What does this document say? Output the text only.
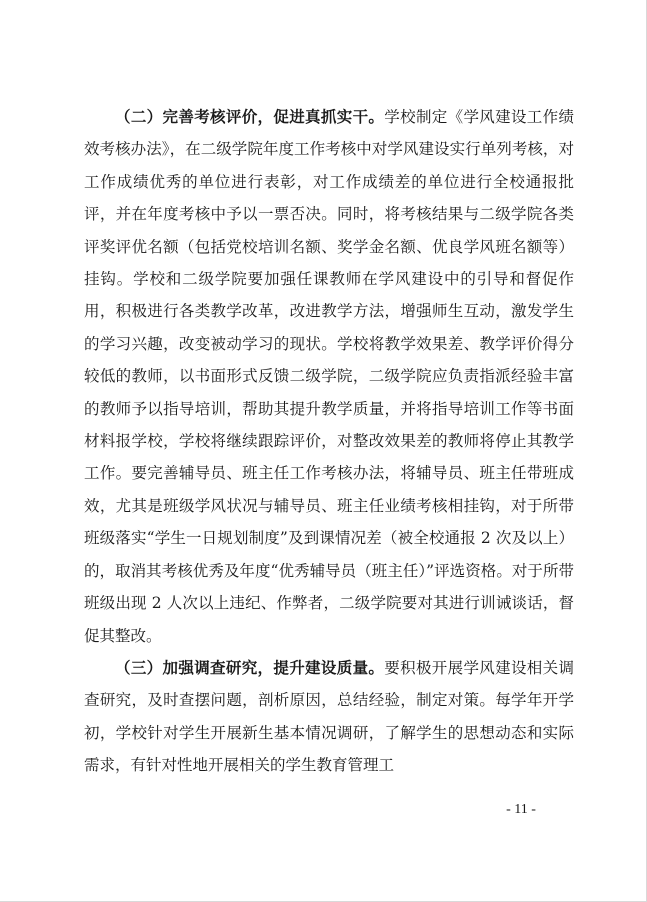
（二）完善考核评价，促进真抓实干。学校制定《学风建设工作绩效考核办法》，在二级学院年度工作考核中对学风建设实行单列考核，对工作成绩优秀的单位进行表彰，对工作成绩差的单位进行全校通报批评，并在年度考核中予以一票否决。同时，将考核结果与二级学院各类评奖评优名额（包括党校培训名额、奖学金名额、优良学风班名额等）挂钩。学校和二级学院要加强任课教师在学风建设中的引导和督促作用，积极进行各类教学改革，改进教学方法，增强师生互动，激发学生的学习兴趣，改变被动学习的现状。学校将教学效果差、教学评价得分较低的教师，以书面形式反馈二级学院，二级学院应负责指派经验丰富的教师予以指导培训，帮助其提升教学质量，并将指导培训工作等书面材料报学校，学校将继续跟踪评价，对整改效果差的教师将停止其教学工作。要完善辅导员、班主任工作考核办法，将辅导员、班主任带班成效，尤其是班级学风状况与辅导员、班主任业绩考核相挂钩，对于所带班级落实“学生一日规划制度”及到课情况差（被全校通报 2 次及以上）的，取消其考核优秀及年度“优秀辅导员（班主任）”评选资格。对于所带班级出现 2 人次以上违纪、作弊者，二级学院要对其进行训诫谈话，督促其整改。

（三）加强调查研究，提升建设质量。要积极开展学风建设相关调查研究，及时查摆问题，剖析原因，总结经验，制定对策。每学年开学初，学校针对学生开展新生基本情况调研，了解学生的思想动态和实际需求，有针对性地开展相关的学生教育管理工

- 11 -
